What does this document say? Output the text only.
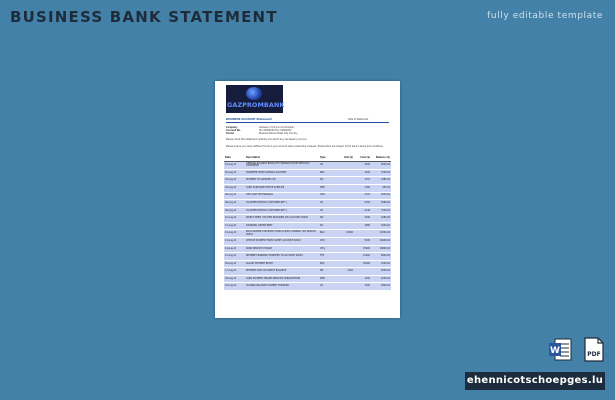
BUSINESS BANK STATEMENT	fully editable template
GAZPROMBANK
BUSINESS ACCOUNT Statement	Date of Statement
Company	Address or Full Account Number
Account No.	Tel: 00000000 Fax: 00000000
Period	Business Name Street City Country
Please check this statement carefully and report any discrepancy at once.
Please ensure you have sufficient funds in your account when presenting cheques. Transactions are subject to the bank's terms and conditions.
Date	Description	Type	Out ($)	Cost ($)	Balance ($)
01-Aug-21	OPENING BALANCE BROUGHT FORWARD FROM PREVIOUS STATEMENT	CR		2500	2500.00
02-Aug-21	TRANSFER FROM SAVINGS ACCOUNT	BGC		1200	3700.00
03-Aug-21	PAYMENT TO SUPPLIER LTD	DD		1715	1985.00
04-Aug-21	CARD PURCHASE OFFICE SUPPLIES	DEB		1780	205.00
06-Aug-21	ATM CASH WITHDRAWAL	ATM		2725	2930.00
08-Aug-21	COUNTER DEPOSIT CUSTOMER REF 1	CR		2150	5080.00
09-Aug-21	COUNTER DEPOSIT CUSTOMER REF 2	CR		2140	7220.00
10-Aug-21	DIRECT DEBIT UTILITIES PROVIDER LTD ACCOUNT 00000	DD		2940	4280.00
11-Aug-21	STANDING ORDER RENT	SO		1080	3200.00
12-Aug-21	BACS PAYMENT RECEIVED FROM CLIENT COMPANY LTD INVOICE 00001	BGC	10000		13200.00
13-Aug-21	CHEQUE PAYMENT FROM CLIENT ACCOUNT 00002	CHQ		5000	18200.00
14-Aug-21	BANK SERVICE CHARGE	CHG		35000	16800.00
15-Aug-21	INTERNET BANKING TRANSFER TO ACCOUNT 00003	TFR		10000	6800.00
16-Aug-21	SALARY PAYMENT BATCH	BAC		35000	4300.00
17-Aug-21	INTEREST PAID ON CREDIT BALANCE	INT	1200		5500.00
18-Aug-21	CARD PAYMENT ONLINE SERVICES SUBSCRIPTION	DEB		1400	4100.00
19-Aug-21	CLOSING BALANCE CARRIED FORWARD	CR		1300	2800.00
W	PDF
ehennicotschoepges.lu
